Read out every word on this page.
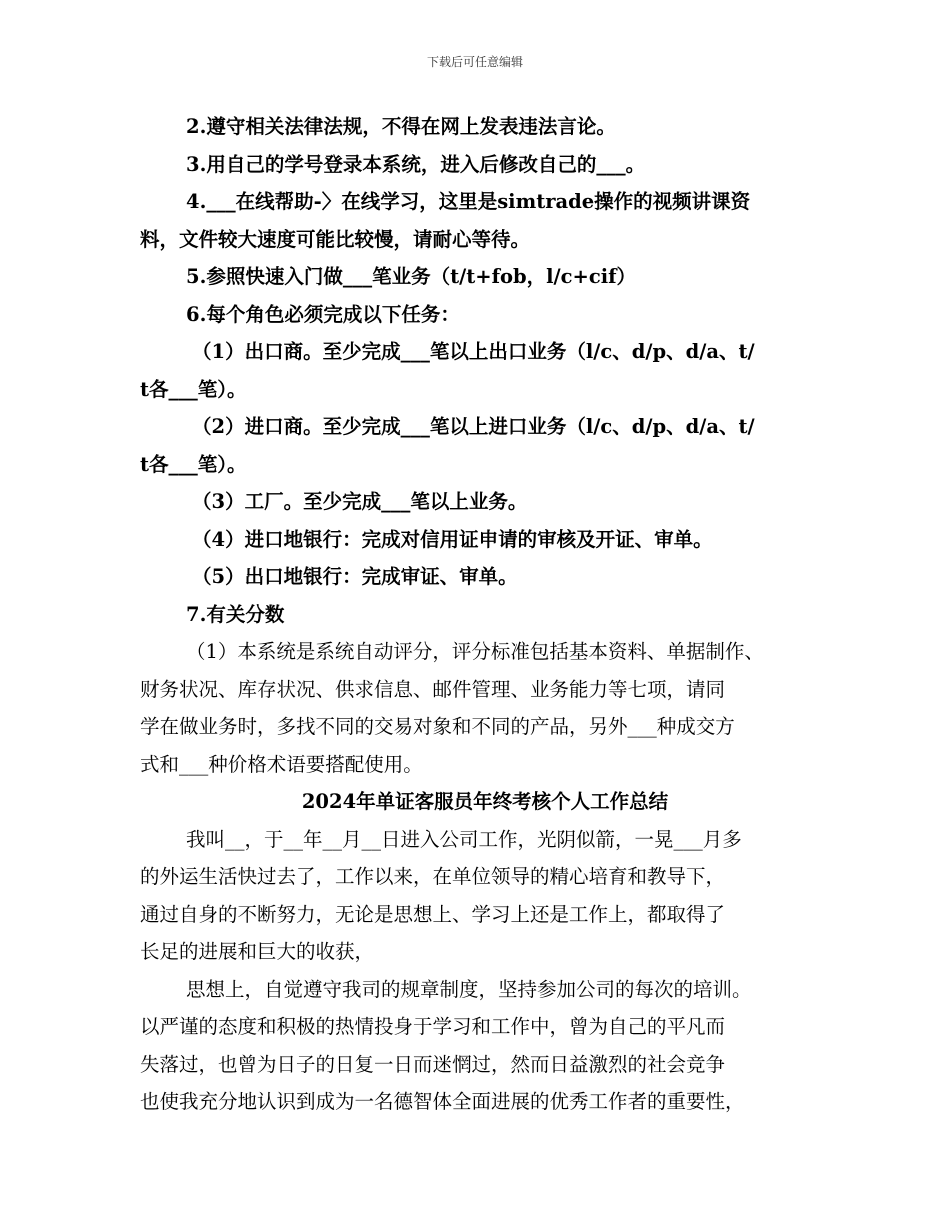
下载后可任意编辑
2.遵守相关法律法规，不得在网上发表违法言论。
3.用自己的学号登录本系统，进入后修改自己的___。
4.___在线帮助-〉在线学习，这里是simtrade操作的视频讲课资
料，文件较大速度可能比较慢，请耐心等待。
5.参照快速入门做___笔业务（t/t+fob，l/c+cif）
6.每个角色必须完成以下任务：
（1）出口商。至少完成___笔以上出口业务（l/c、d/p、d/a、t/
t各___笔）。
（2）进口商。至少完成___笔以上进口业务（l/c、d/p、d/a、t/
t各___笔）。
（3）工厂。至少完成___笔以上业务。
（4）进口地银行：完成对信用证申请的审核及开证、审单。
（5）出口地银行：完成审证、审单。
7.有关分数
（1）本系统是系统自动评分，评分标准包括基本资料、单据制作、
财务状况、库存状况、供求信息、邮件管理、业务能力等七项，请同
学在做业务时，多找不同的交易对象和不同的产品，另外___种成交方
式和___种价格术语要搭配使用。
2024年单证客服员年终考核个人工作总结
我叫__，于__年__月__日进入公司工作，光阴似箭，一晃___月多
的外运生活快过去了，工作以来，在单位领导的精心培育和教导下，
通过自身的不断努力，无论是思想上、学习上还是工作上，都取得了
长足的进展和巨大的收获，
思想上，自觉遵守我司的规章制度，坚持参加公司的每次的培训。
以严谨的态度和积极的热情投身于学习和工作中，曾为自己的平凡而
失落过，也曾为日子的日复一日而迷惘过，然而日益激烈的社会竞争
也使我充分地认识到成为一名德智体全面进展的优秀工作者的重要性，
